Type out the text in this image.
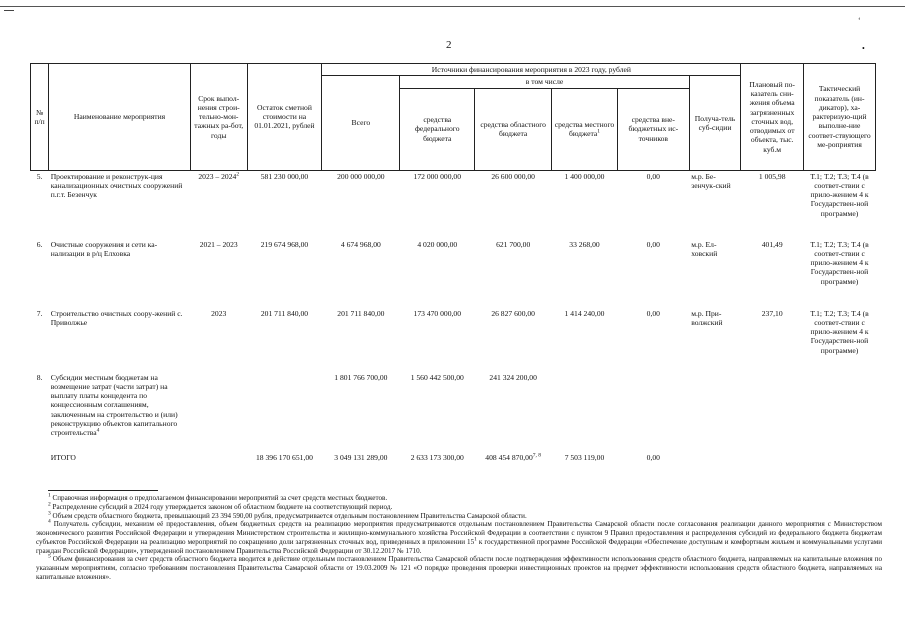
‘
•
2
№ п/п	Наименование мероприятия	Срок выпол-нения строи-тельно-мон-тажных ра-бот, годы	Остаток сметной стоимости на 01.01.2021, рублей	Источники финансирования мероприятия в 2023 году, рублей						Плановый по-казатель сни-жения объема загрязненных сточных вод, отводимых от объекта, тыс. куб.м	Тактический показатель (ин-дикатор), ха-рактеризую-щий выполне-ние соответ-ствующего ме-роприятия
				Всего	в том числе				Получа-тель суб-сидии		
					средства федерального бюджета	средства областного бюджета	средства местного бюджета$^1$	средства вне-бюджетных ис-точников			
5.	Проектирование и реконструк-ция канализационных очистных сооружений п.г.т. Безенчук	2023 – 2024$^2$	581 230 000,00	200 000 000,00	172 000 000,00	26 600 000,00	1 400 000,00	0,00	м.р. Бе-зенчук-ский	1 005,98	Т.1; Т.2; Т.3; Т.4 (в соответ-ствии с прило-жением 4 к Государствен-ной программе)
6.	Очистные сооружения и сети ка-нализации в р/ц Елховка	2021 – 2023	219 674 968,00	4 674 968,00	4 020 000,00	621 700,00	33 268,00	0,00	м.р. Ел-ховский	401,49	Т.1; Т.2; Т.3; Т.4 (в соответ-ствии с прило-жением 4 к Государствен-ной программе)
7.	Строительство очистных соору-жений с. Приволжье	2023	201 711 840,00	201 711 840,00	173 470 000,00	26 827 600,00	1 414 240,00	0,00	м.р. При-волжский	237,10	Т.1; Т.2; Т.3; Т.4 (в соответ-ствии с прило-жением 4 к Государствен-ной программе)
8.	Субсидии местным бюджетам на возмещение затрат (части затрат) на выплату платы концедента по концессионным соглашениям, заключенным на строительство и (или) реконструкцию объектов капитального строительства$^4$			1 801 766 700,00	1 560 442 500,00	241 324 200,00					
	ИТОГО		18 396 170 651,00	3 049 131 289,00	2 633 173 300,00	408 454 870,00$^{7, 8}$	7 503 119,00	0,00			

$^1$ Справочная информация о предполагаемом финансировании мероприятий за счет средств местных бюджетов.

$^2$ Распределение субсидий в 2024 году утверждается законом об областном бюджете на соответствующий период.

$^3$ Объем средств областного бюджета, превышающий 23 394 590,00 рубля, предусматривается отдельным постановлением Правительства Самарской области.

$^4$ Получатель субсидии, механизм её предоставления, объем бюджетных средств на реализацию мероприятия предусматриваются отдельным постановлением Правительства Самарской области после согласования реализации данного мероприятия с Министерством экономического развития Российской Федерации и утверждения Министерством строительства и жилищно-коммунального хозяйства Российской Федерации в соответствии с пунктом 9 Правил предоставления и распределения субсидий из федерального бюджета бюджетам субъектов Российской Федерации на реализацию мероприятий по сокращению доли загрязненных сточных вод, приведенных в приложении $15^1$ к государственной программе Российской Федерации «Обеспечение доступным и комфортным жильем и коммунальными услугами граждан Российской Федерации», утвержденной постановлением Правительства Российской Федерации от 30.12.2017 № 1710.

$^5$ Объем финансирования за счет средств областного бюджета вводится в действие отдельным постановлением Правительства Самарской области после подтверждения эффективности использования средств областного бюджета, направляемых на капитальные вложения по указанным мероприятиям, согласно требованиям постановления Правительства Самарской области от 19.03.2009 № 121 «О порядке проведения проверки инвестиционных проектов на предмет эффективности использования средств областного бюджета, направляемых на капитальные вложения».
